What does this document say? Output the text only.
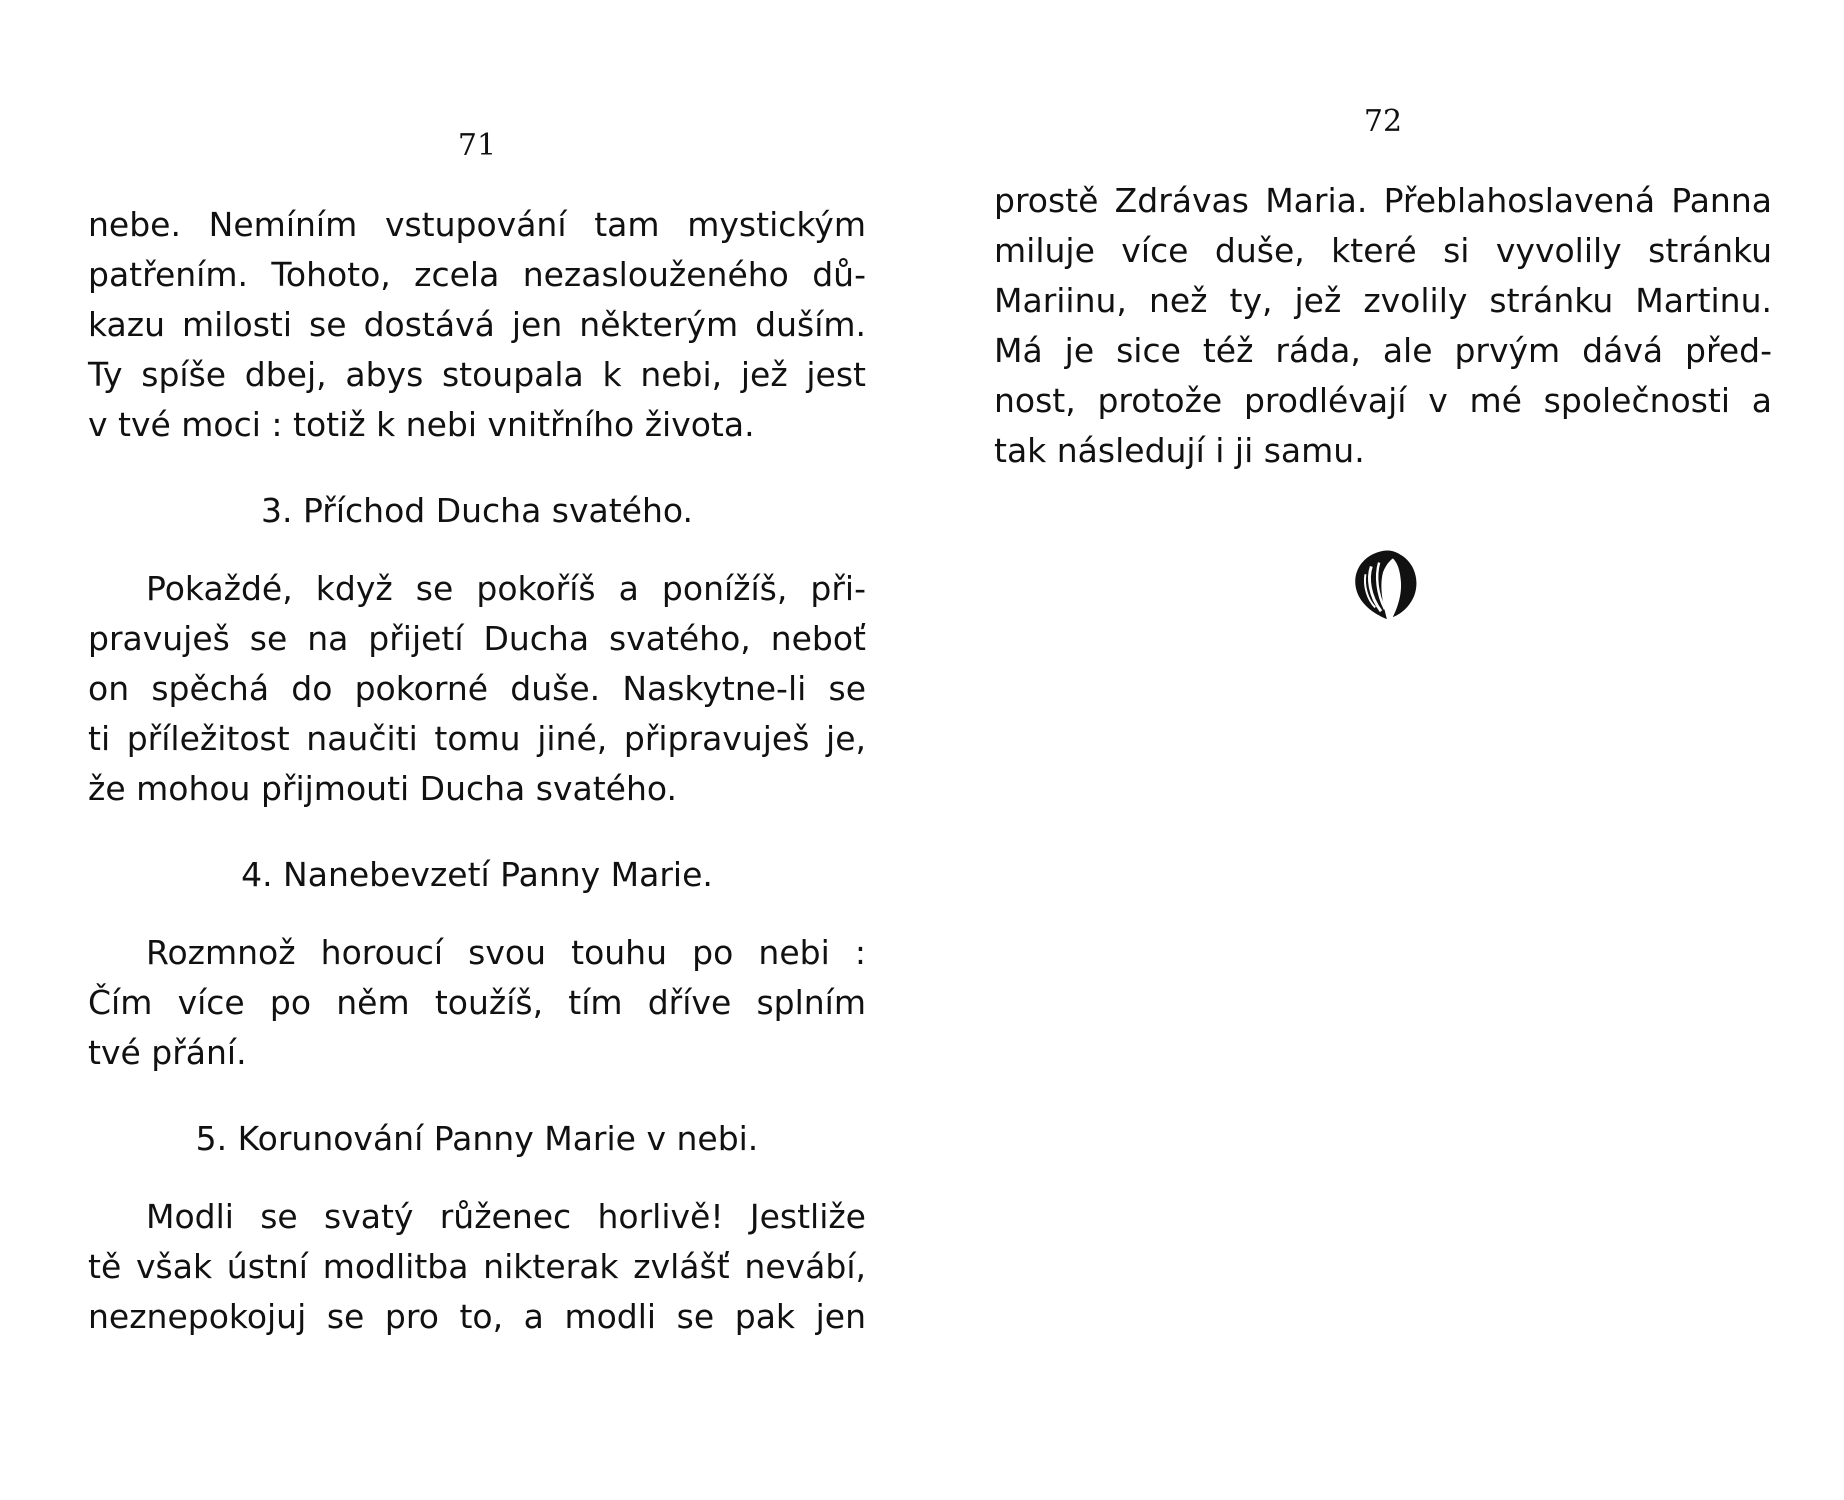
71

nebe. Nemíním vstupování tam mystickým
patřením. Tohoto, zcela nezaslouženého dů-
kazu milosti se dostává jen některým duším.
Ty spíše dbej, abys stoupala k nebi, jež jest
v tvé moci : totiž k nebi vnitřního života.

3. Příchod Ducha svatého.

Pokaždé, když se pokoříš a ponížíš, při-
pravuješ se na přijetí Ducha svatého, neboť
on spěchá do pokorné duše. Naskytne-li se
ti příležitost naučiti tomu jiné, připravuješ je,
že mohou přijmouti Ducha svatého.

4. Nanebevzetí Panny Marie.

Rozmnož horoucí svou touhu po nebi :
Čím více po něm toužíš, tím dříve splním
tvé přání.

5. Korunování Panny Marie v nebi.

Modli se svatý růženec horlivě! Jestliže
tě však ústní modlitba nikterak zvlášť nevábí,
neznepokojuj se pro to, a modli se pak jen

72

prostě Zdrávas Maria. Přeblahoslavená Panna
miluje více duše, které si vyvolily stránku
Mariinu, než ty, jež zvolily stránku Martinu.
Má je sice též ráda, ale prvým dává před-
nost, protože prodlévají v mé společnosti a
tak následují i ji samu.
